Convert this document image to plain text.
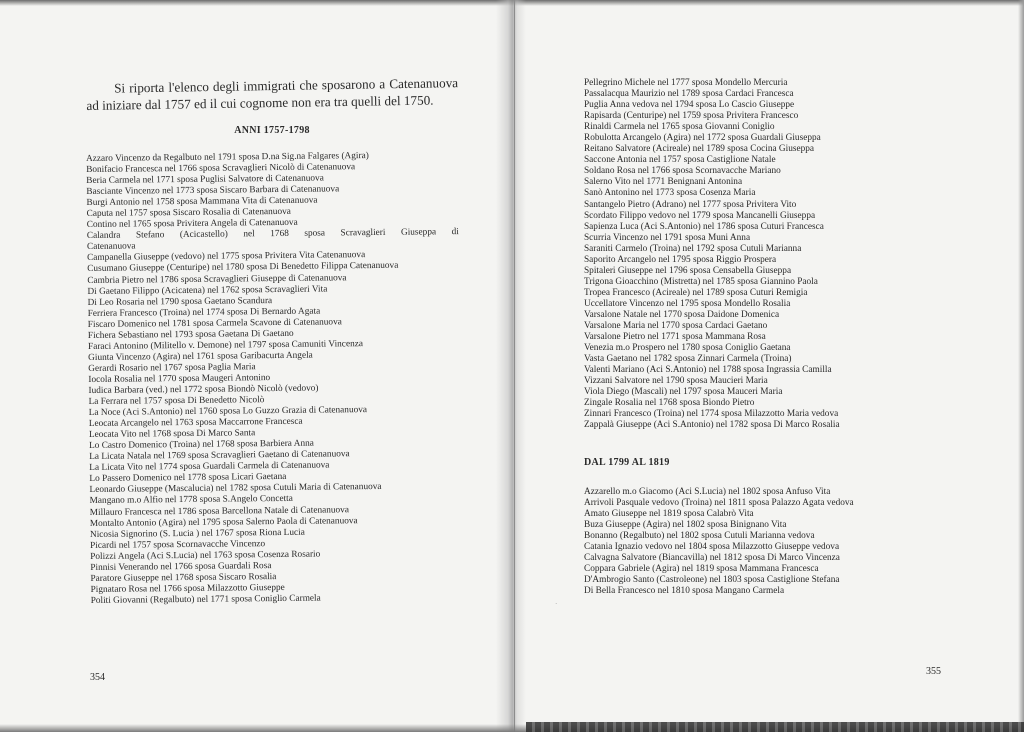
Si riporta l'elenco degli immigrati che sposarono a Catenanuova ad iniziare dal 1757 ed il cui cognome non era tra quelli del 1750.

ANNI 1757-1798

Azzaro Vincenzo da Regalbuto nel 1791 sposa D.na Sig.na Falgares (Agira)
Bonifacio Francesca nel 1766 sposa Scravaglieri Nicolò di Catenanuova
Beria Carmela nel 1771 sposa Puglisi Salvatore di Catenanuova
Basciante Vincenzo nel 1773 sposa Siscaro Barbara di Catenanuova
Burgi Antonio nel 1758 sposa Mammana Vita di Catenanuova
Caputa nel 1757 sposa Siscaro Rosalia di Catenanuova
Contino nel 1765 sposa Privitera Angela di Catenanuova
Calandra Stefano (Acicastello) nel 1768 sposa Scravaglieri Giuseppa di
Catenanuova
Campanella Giuseppe (vedovo) nel 1775 sposa Privitera Vita Catenanuova
Cusumano Giuseppe (Centuripe) nel 1780 sposa Di Benedetto Filippa Catenanuova
Cambria Pietro nel 1786 sposa Scravaglieri Giuseppe di Catenanuova
Di Gaetano Filippo (Acicatena) nel 1762 sposa Scravaglieri Vita
Di Leo Rosaria nel 1790 sposa Gaetano Scandura
Ferriera Francesco (Troina) nel 1774 sposa Di Bernardo Agata
Fiscaro Domenico nel 1781 sposa Carmela Scavone di Catenanuova
Fichera Sebastiano nel 1793 sposa Gaetana Di Gaetano
Faraci Antonino (Militello v. Demone) nel 1797 sposa Camuniti Vincenza
Giunta Vincenzo (Agira) nel 1761 sposa Garibacurta Angela
Gerardi Rosario nel 1767 sposa Paglia Maria
Iocola Rosalia nel 1770 sposa Maugeri Antonino
Iudica Barbara (ved.) nel 1772 sposa Biondò Nicolò (vedovo)
La Ferrara nel 1757 sposa Di Benedetto Nicolò
La Noce (Aci S.Antonio) nel 1760 sposa Lo Guzzo Grazia di Catenanuova
Leocata Arcangelo nel 1763 sposa Maccarrone Francesca
Leocata Vito nel 1768 sposa Di Marco Santa
Lo Castro Domenico (Troina) nel 1768 sposa Barbiera Anna
La Licata Natala nel 1769 sposa Scravaglieri Gaetano di Catenanuova
La Licata Vito nel 1774 sposa Guardali Carmela di Catenanuova
Lo Passero Domenico nel 1778 sposa Licari Gaetana
Leonardo Giuseppe (Mascalucia) nel 1782 sposa Cutuli Maria di Catenanuova
Mangano m.o Alfio nel 1778 sposa S.Angelo Concetta
Millauro Francesca nel 1786 sposa Barcellona Natale di Catenanuova
Montalto Antonio (Agira) nel 1795 sposa Salerno Paola di Catenanuova
Nicosia Signorino (S. Lucia ) nel 1767 sposa Riona Lucia
Picardi nel 1757 sposa Scornavacche Vincenzo
Polizzi Angela (Aci S.Lucia) nel 1763 sposa Cosenza Rosario
Pinnisi Venerando nel 1766 sposa Guardali Rosa
Paratore Giuseppe nel 1768 sposa Siscaro Rosalia
Pignataro Rosa nel 1766 sposa Milazzotto Giuseppe
Politi Giovanni (Regalbuto) nel 1771 sposa Coniglio Carmela
Pellegrino Michele nel 1777 sposa Mondello Mercuria
Passalacqua Maurizio nel 1789 sposa Cardaci Francesca
Puglia Anna vedova nel 1794 sposa Lo Cascio Giuseppe
Rapisarda (Centuripe) nel 1759 sposa Privitera Francesco
Rinaldi Carmela nel 1765 sposa Giovanni Coniglio
Robulotta Arcangelo (Agira) nel 1772 sposa Guardali Giuseppa
Reitano Salvatore (Acireale) nel 1789 sposa Cocina Giuseppa
Saccone Antonia nel 1757 sposa Castiglione Natale
Soldano Rosa nel 1766 sposa Scornavacche Mariano
Salerno Vito nel 1771 Benignani Antonina
Sanò Antonino nel 1773 sposa Cosenza Maria
Santangelo Pietro (Adrano) nel 1777 sposa Privitera Vito
Scordato Filippo vedovo nel 1779 sposa Mancanelli Giuseppa
Sapienza Luca (Aci S.Antonio) nel 1786 sposa Cuturi Francesca
Scurria Vincenzo nel 1791 sposa Muni Anna
Saraniti Carmelo (Troina) nel 1792 sposa Cutuli Marianna
Saporito Arcangelo nel 1795 sposa Riggio Prospera
Spitaleri Giuseppe nel 1796 sposa Censabella Giuseppa
Trigona Gioacchino (Mistretta) nel 1785 sposa Giannino Paola
Tropea Francesco (Acireale) nel 1789 sposa Cuturi Remigia
Uccellatore Vincenzo nel 1795 sposa Mondello Rosalia
Varsalone Natale nel 1770 sposa Daidone Domenica
Varsalone Maria nel 1770 sposa Cardaci Gaetano
Varsalone Pietro nel 1771 sposa Mammana Rosa
Venezia m.o Prospero nel 1780 sposa Coniglio Gaetana
Vasta Gaetano nel 1782 sposa Zinnari Carmela (Troina)
Valenti Mariano (Aci S.Antonio) nel 1788 sposa Ingrassia Camilla
Vizzani Salvatore nel 1790 sposa Maucieri Maria
Viola Diego (Mascali) nel 1797 sposa Mauceri Maria
Zingale Rosalia nel 1768 sposa Biondo Pietro
Zinnari Francesco (Troina) nel 1774 sposa Milazzotto Maria vedova
Zappalà Giuseppe (Aci S.Antonio) nel 1782 sposa Di Marco Rosalia

DAL 1799 AL 1819

Azzarello m.o Giacomo (Aci S.Lucia) nel 1802 sposa Anfuso Vita
Arrivoli Pasquale vedovo (Troina) nel 1811 sposa Palazzo Agata vedova
Amato Giuseppe nel 1819 sposa Calabrò Vita
Buza Giuseppe (Agira) nel 1802 sposa Binignano Vita
Bonanno (Regalbuto) nel 1802 sposa Cutuli Marianna vedova
Catania Ignazio vedovo nel 1804 sposa Milazzotto Giuseppe vedova
Calvagna Salvatore (Biancavilla) nel 1812 sposa Di Marco Vincenza
Coppara Gabriele (Agira) nel 1819 sposa Mammana Francesca
D'Ambrogio Santo (Castroleone) nel 1803 sposa Castiglione Stefana
Di Bella Francesco nel 1810 sposa Mangano Carmela
354
355
·
